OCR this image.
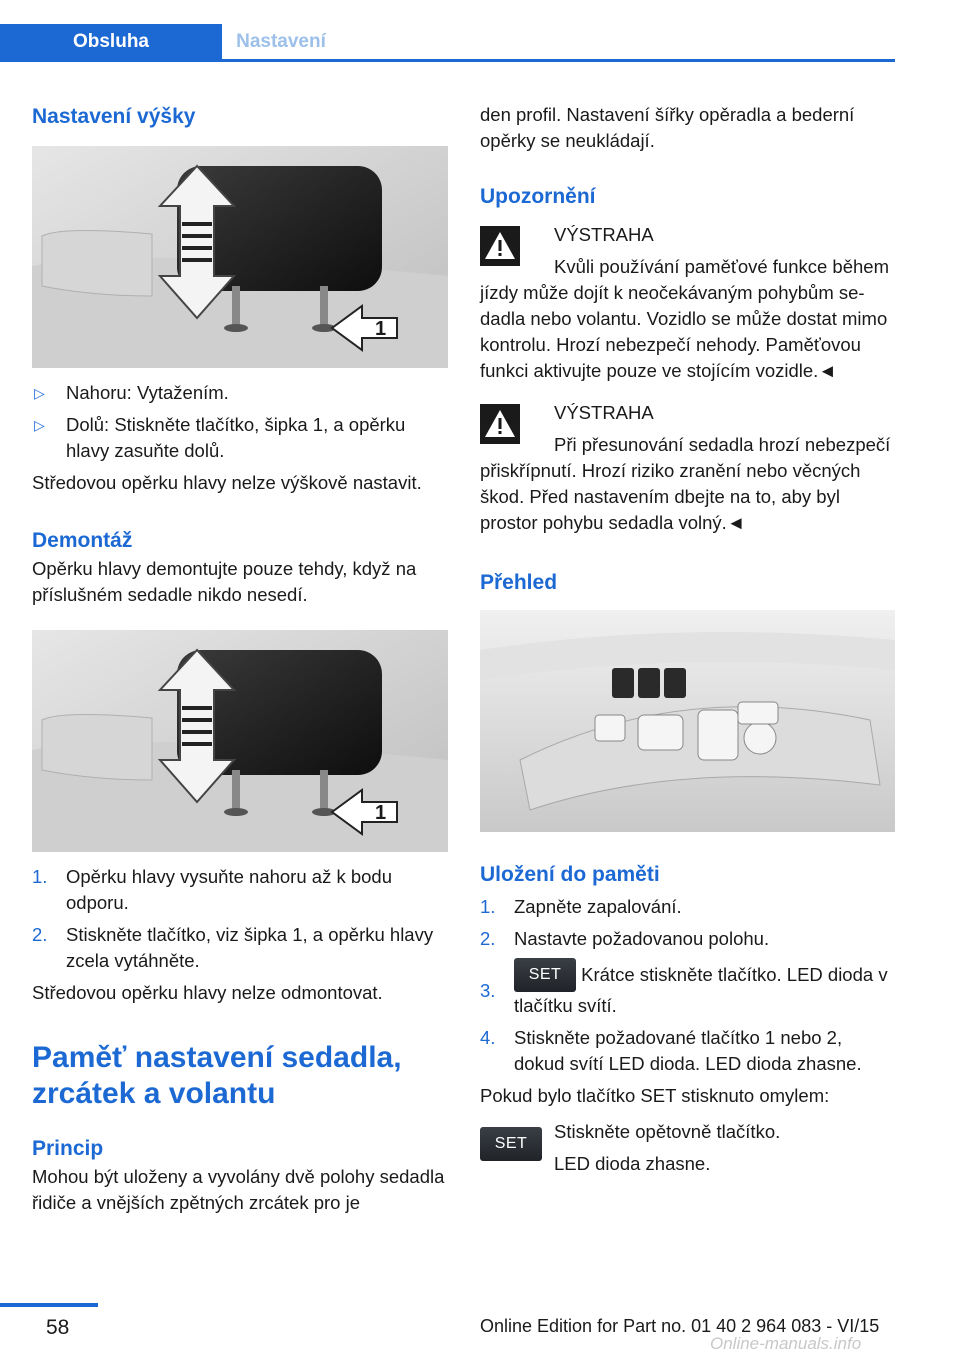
Obsluha	Nastavení
Nastavení výšky
1
▷ Nahoru: Vytažením.
▷ Dolů: Stiskněte tlačítko, šipka 1, a opěrku hlavy zasuňte dolů.

Středovou opěrku hlavy nelze výškově nastavit.

Demontáž

Opěrku hlavy demontujte pouze tehdy, když na příslušném sedadle nikdo nesedí.

1
1. Opěrku hlavy vysuňte nahoru až k bodu odporu.
2. Stiskněte tlačítko, viz šipka 1, a opěrku hlavy zcela vytáhněte.

Středovou opěrku hlavy nelze odmontovat.

Paměť nastavení sedadla, zrcátek a volantu
Princip

Mohou být uloženy a vyvolány dvě polohy sedadla řidiče a vnějších zpětných zrcátek pro je

den profil. Nastavení šířky opěradla a bederní opěrky se neukládají.

Upozornění
VÝSTRAHA

Kvůli používání paměťové funkce během jízdy může dojít k neočekávaným pohybům sedadla nebo volantu. Vozidlo se může dostat mimo kontrolu. Hrozí nebezpečí nehody. Paměťovou funkci aktivujte pouze ve stojícím vozidle.◄

VÝSTRAHA

Při přesunování sedadla hrozí nebezpečí přiskřípnutí. Hrozí riziko zranění nebo věcných škod. Před nastavením dbejte na to, aby byl prostor pohybu sedadla volný.◄

Přehled
Uložení do paměti
1. Zapněte zapalování.
2. Nastavte požadovanou polohu.
3.
SET Krátce stiskněte tlačítko. LED dioda v tlačítku svítí.
4. Stiskněte požadované tlačítko 1 nebo 2, dokud svítí LED dioda. LED dioda zhasne.

Pokud bylo tlačítko SET stisknuto omylem:

SET

Stiskněte opětovně tlačítko.

LED dioda zhasne.

58	Online Edition for Part no. 01 40 2 964 083 - VI/15
Online-manuals.info
